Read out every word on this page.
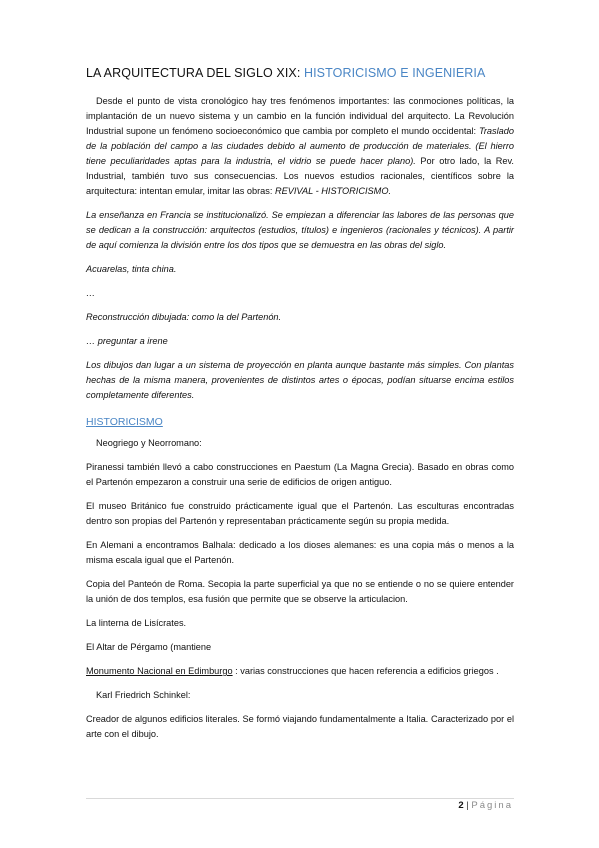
LA ARQUITECTURA DEL SIGLO XIX: HISTORICISMO E INGENIERIA

Desde el punto de vista cronológico hay tres fenómenos importantes: las conmociones políticas, la implantación de un nuevo sistema y un cambio en la función individual del arquitecto. La Revolución Industrial supone un fenómeno socioeconómico que cambia por completo el mundo occidental: Traslado de la población del campo a las ciudades debido al aumento de producción de materiales. (El hierro tiene peculiaridades aptas para la industria, el vidrio se puede hacer plano). Por otro lado, la Rev. Industrial, también tuvo sus consecuencias. Los nuevos estudios racionales, científicos sobre la arquitectura: intentan emular, imitar las obras: REVIVAL - HISTORICISMO.

La enseñanza en Francia se institucionalizó. Se empiezan a diferenciar las labores de las personas que se dedican a la construcción: arquitectos (estudios, títulos) e ingenieros (racionales y técnicos). A partir de aquí comienza la división entre los dos tipos que se demuestra en las obras del siglo.

Acuarelas, tinta china.

…

Reconstrucción dibujada: como la del Partenón.

… preguntar a irene

Los dibujos dan lugar a un sistema de proyección en planta aunque bastante más simples. Con plantas hechas de la misma manera, provenientes de distintos artes o épocas, podían situarse encima estilos completamente diferentes.

HISTORICISMO

Neogriego y Neorromano:

Piranessi también llevó a cabo construcciones en Paestum (La Magna Grecia). Basado en obras como el Partenón empezaron a construir una serie de edificios de origen antiguo.

El museo Británico fue construido prácticamente igual que el Partenón. Las esculturas encontradas dentro son propias del Partenón y representaban prácticamente según su propia medida.

En Alemani a encontramos Balhala: dedicado a los dioses alemanes: es una copia más o menos a la misma escala igual que el Partenón.

Copia del Panteón de Roma. Secopia la parte superficial ya que no se entiende o no se quiere entender la unión de dos templos, esa fusión que permite que se observe la articulacion.

La linterna de Lisícrates.

El Altar de Pérgamo (mantiene

Monumento Nacional en Edimburgo : varias construcciones que hacen referencia a edificios griegos .

Karl Friedrich Schinkel:

Creador de algunos edificios literales. Se formó viajando fundamentalmente a Italia. Caracterizado por el arte con el dibujo.

2 | Página
